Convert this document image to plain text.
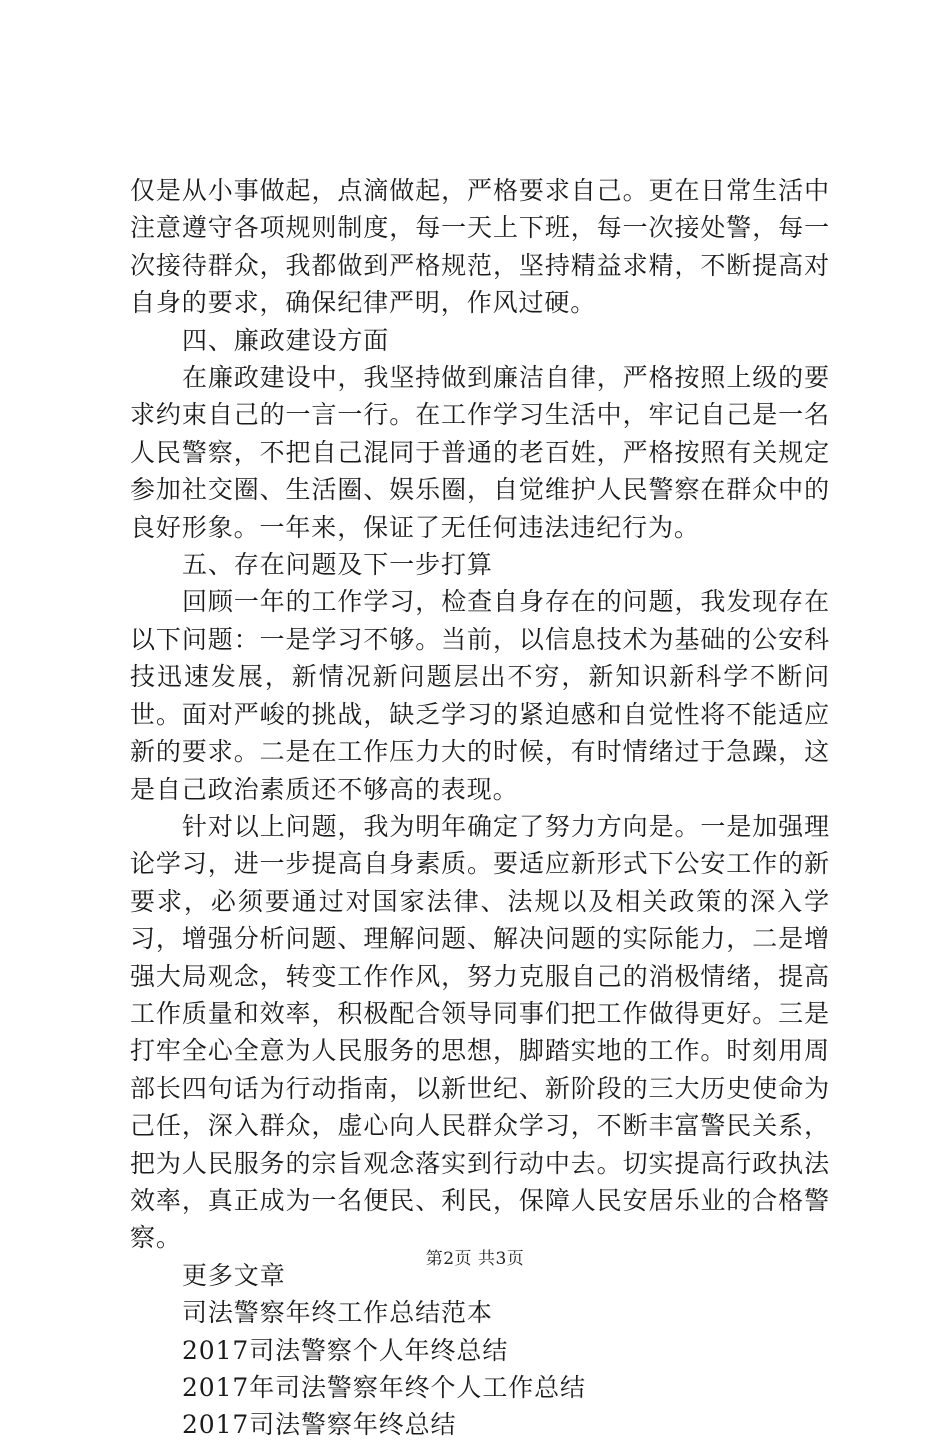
仅是从小事做起，点滴做起，严格要求自己。更在日常生活中注意遵守各项规则制度，每一天上下班，每一次接处警，每一次接待群众，我都做到严格规范，坚持精益求精，不断提高对自身的要求，确保纪律严明，作风过硬。

四、廉政建设方面

在廉政建设中，我坚持做到廉洁自律，严格按照上级的要求约束自己的一言一行。在工作学习生活中，牢记自己是一名人民警察，不把自己混同于普通的老百姓，严格按照有关规定参加社交圈、生活圈、娱乐圈，自觉维护人民警察在群众中的良好形象。一年来，保证了无任何违法违纪行为。

五、存在问题及下一步打算

回顾一年的工作学习，检查自身存在的问题，我发现存在以下问题：一是学习不够。当前，以信息技术为基础的公安科技迅速发展，新情况新问题层出不穷，新知识新科学不断问世。面对严峻的挑战，缺乏学习的紧迫感和自觉性将不能适应新的要求。二是在工作压力大的时候，有时情绪过于急躁，这是自己政治素质还不够高的表现。

针对以上问题，我为明年确定了努力方向是。一是加强理论学习，进一步提高自身素质。要适应新形式下公安工作的新要求，必须要通过对国家法律、法规以及相关政策的深入学习，增强分析问题、理解问题、解决问题的实际能力，二是增强大局观念，转变工作作风，努力克服自己的消极情绪，提高工作质量和效率，积极配合领导同事们把工作做得更好。三是打牢全心全意为人民服务的思想，脚踏实地的工作。时刻用周部长四句话为行动指南，以新世纪、新阶段的三大历史使命为己任，深入群众，虚心向人民群众学习，不断丰富警民关系，把为人民服务的宗旨观念落实到行动中去。切实提高行政执法效率，真正成为一名便民、利民，保障人民安居乐业的合格警察。

更多文章

司法警察年终工作总结范本
2017司法警察个人年终总结
2017年司法警察年终个人工作总结
2017司法警察年终总结
第2页 共3页
